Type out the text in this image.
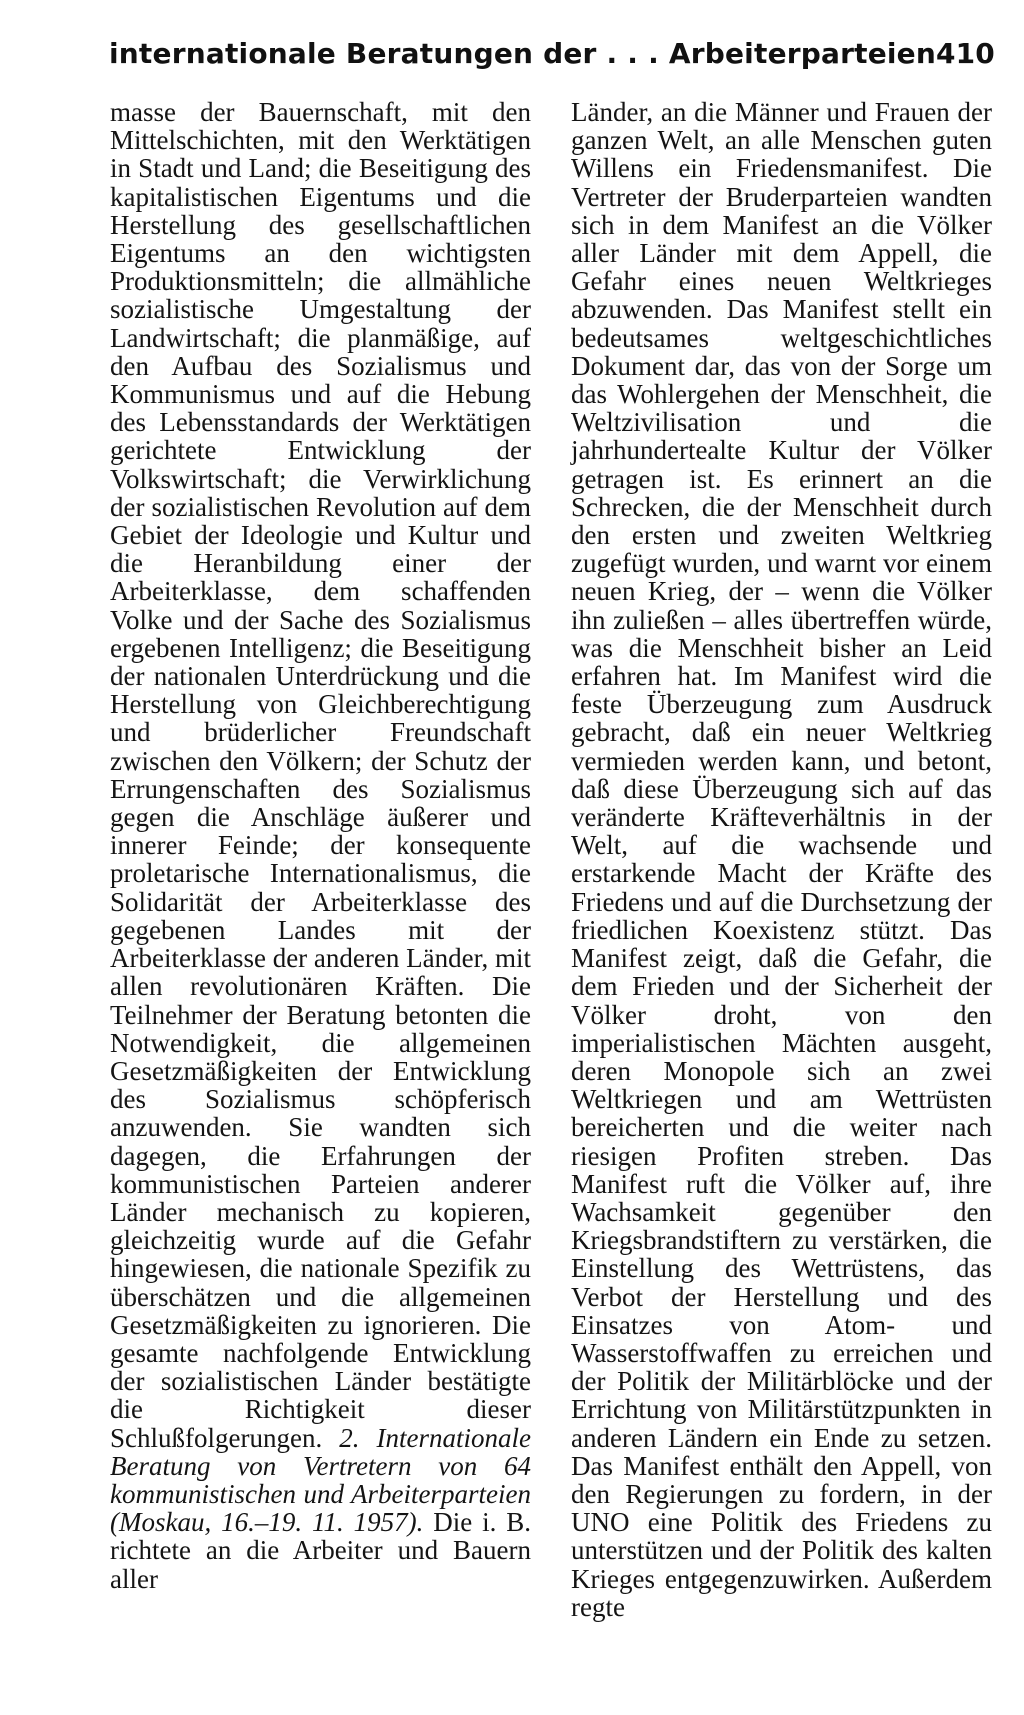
internationale Beratungen der . . . Arbeiterparteien 410

masse der Bauernschaft, mit den Mittelschichten, mit den Werktätigen in Stadt und Land; die Beseitigung des kapitalistischen Eigentums und die Herstellung des gesellschaftlichen Eigentums an den wichtigsten Produktionsmitteln; die allmähliche sozialistische Umgestaltung der Landwirtschaft; die planmäßige, auf den Aufbau des Sozialismus und Kommunismus und auf die Hebung des Lebensstandards der Werktätigen gerichtete Entwicklung der Volkswirtschaft; die Verwirklichung der sozialistischen Revolution auf dem Gebiet der Ideologie und Kultur und die Heranbildung einer der Arbeiterklasse, dem schaffenden Volke und der Sache des Sozialismus ergebenen Intelligenz; die Beseitigung der nationalen Unterdrückung und die Herstellung von Gleichberechtigung und brüderlicher Freundschaft zwischen den Völkern; der Schutz der Errungenschaften des Sozialismus gegen die Anschläge äußerer und innerer Feinde; der konsequente proletarische Internationalismus, die Solidarität der Arbeiterklasse des gegebenen Landes mit der Arbeiterklasse der anderen Länder, mit allen revolutionären Kräften. Die Teilnehmer der Beratung betonten die Notwendigkeit, die allgemeinen Gesetzmäßigkeiten der Entwicklung des Sozialismus schöpferisch anzuwenden. Sie wandten sich dagegen, die Erfahrungen der kommunistischen Parteien anderer Länder mechanisch zu kopieren, gleichzeitig wurde auf die Gefahr hingewiesen, die nationale Spezifik zu überschätzen und die allgemeinen Gesetzmäßigkeiten zu ignorieren. Die gesamte nachfolgende Entwicklung der sozialistischen Länder bestätigte die Richtigkeit dieser Schlußfolgerungen. 2. Internationale Beratung von Vertretern von 64 kommunistischen und Arbeiterparteien (Moskau, 16.–19. 11. 1957). Die i. B. richtete an die Arbeiter und Bauern aller

Länder, an die Männer und Frauen der ganzen Welt, an alle Menschen guten Willens ein Friedensmanifest. Die Vertreter der Bruderparteien wandten sich in dem Manifest an die Völker aller Länder mit dem Appell, die Gefahr eines neuen Weltkrieges abzuwenden. Das Manifest stellt ein bedeutsames weltgeschichtliches Dokument dar, das von der Sorge um das Wohlergehen der Menschheit, die Weltzivilisation und die jahrhundertealte Kultur der Völker getragen ist. Es erinnert an die Schrecken, die der Menschheit durch den ersten und zweiten Weltkrieg zugefügt wurden, und warnt vor einem neuen Krieg, der – wenn die Völker ihn zuließen – alles übertreffen würde, was die Menschheit bisher an Leid erfahren hat. Im Manifest wird die feste Überzeugung zum Ausdruck gebracht, daß ein neuer Weltkrieg vermieden werden kann, und betont, daß diese Überzeugung sich auf das veränderte Kräfteverhältnis in der Welt, auf die wachsende und erstarkende Macht der Kräfte des Friedens und auf die Durchsetzung der friedlichen Koexistenz stützt. Das Manifest zeigt, daß die Gefahr, die dem Frieden und der Sicherheit der Völker droht, von den imperialistischen Mächten ausgeht, deren Monopole sich an zwei Weltkriegen und am Wettrüsten bereicherten und die weiter nach riesigen Profiten streben. Das Manifest ruft die Völker auf, ihre Wachsamkeit gegenüber den Kriegsbrandstiftern zu verstärken, die Einstellung des Wettrüstens, das Verbot der Herstellung und des Einsatzes von Atom- und Wasserstoffwaffen zu erreichen und der Politik der Militärblöcke und der Errichtung von Militärstützpunkten in anderen Ländern ein Ende zu setzen. Das Manifest enthält den Appell, von den Regierungen zu fordern, in der UNO eine Politik des Friedens zu unterstützen und der Politik des kalten Krieges entgegenzuwirken. Außerdem regte
